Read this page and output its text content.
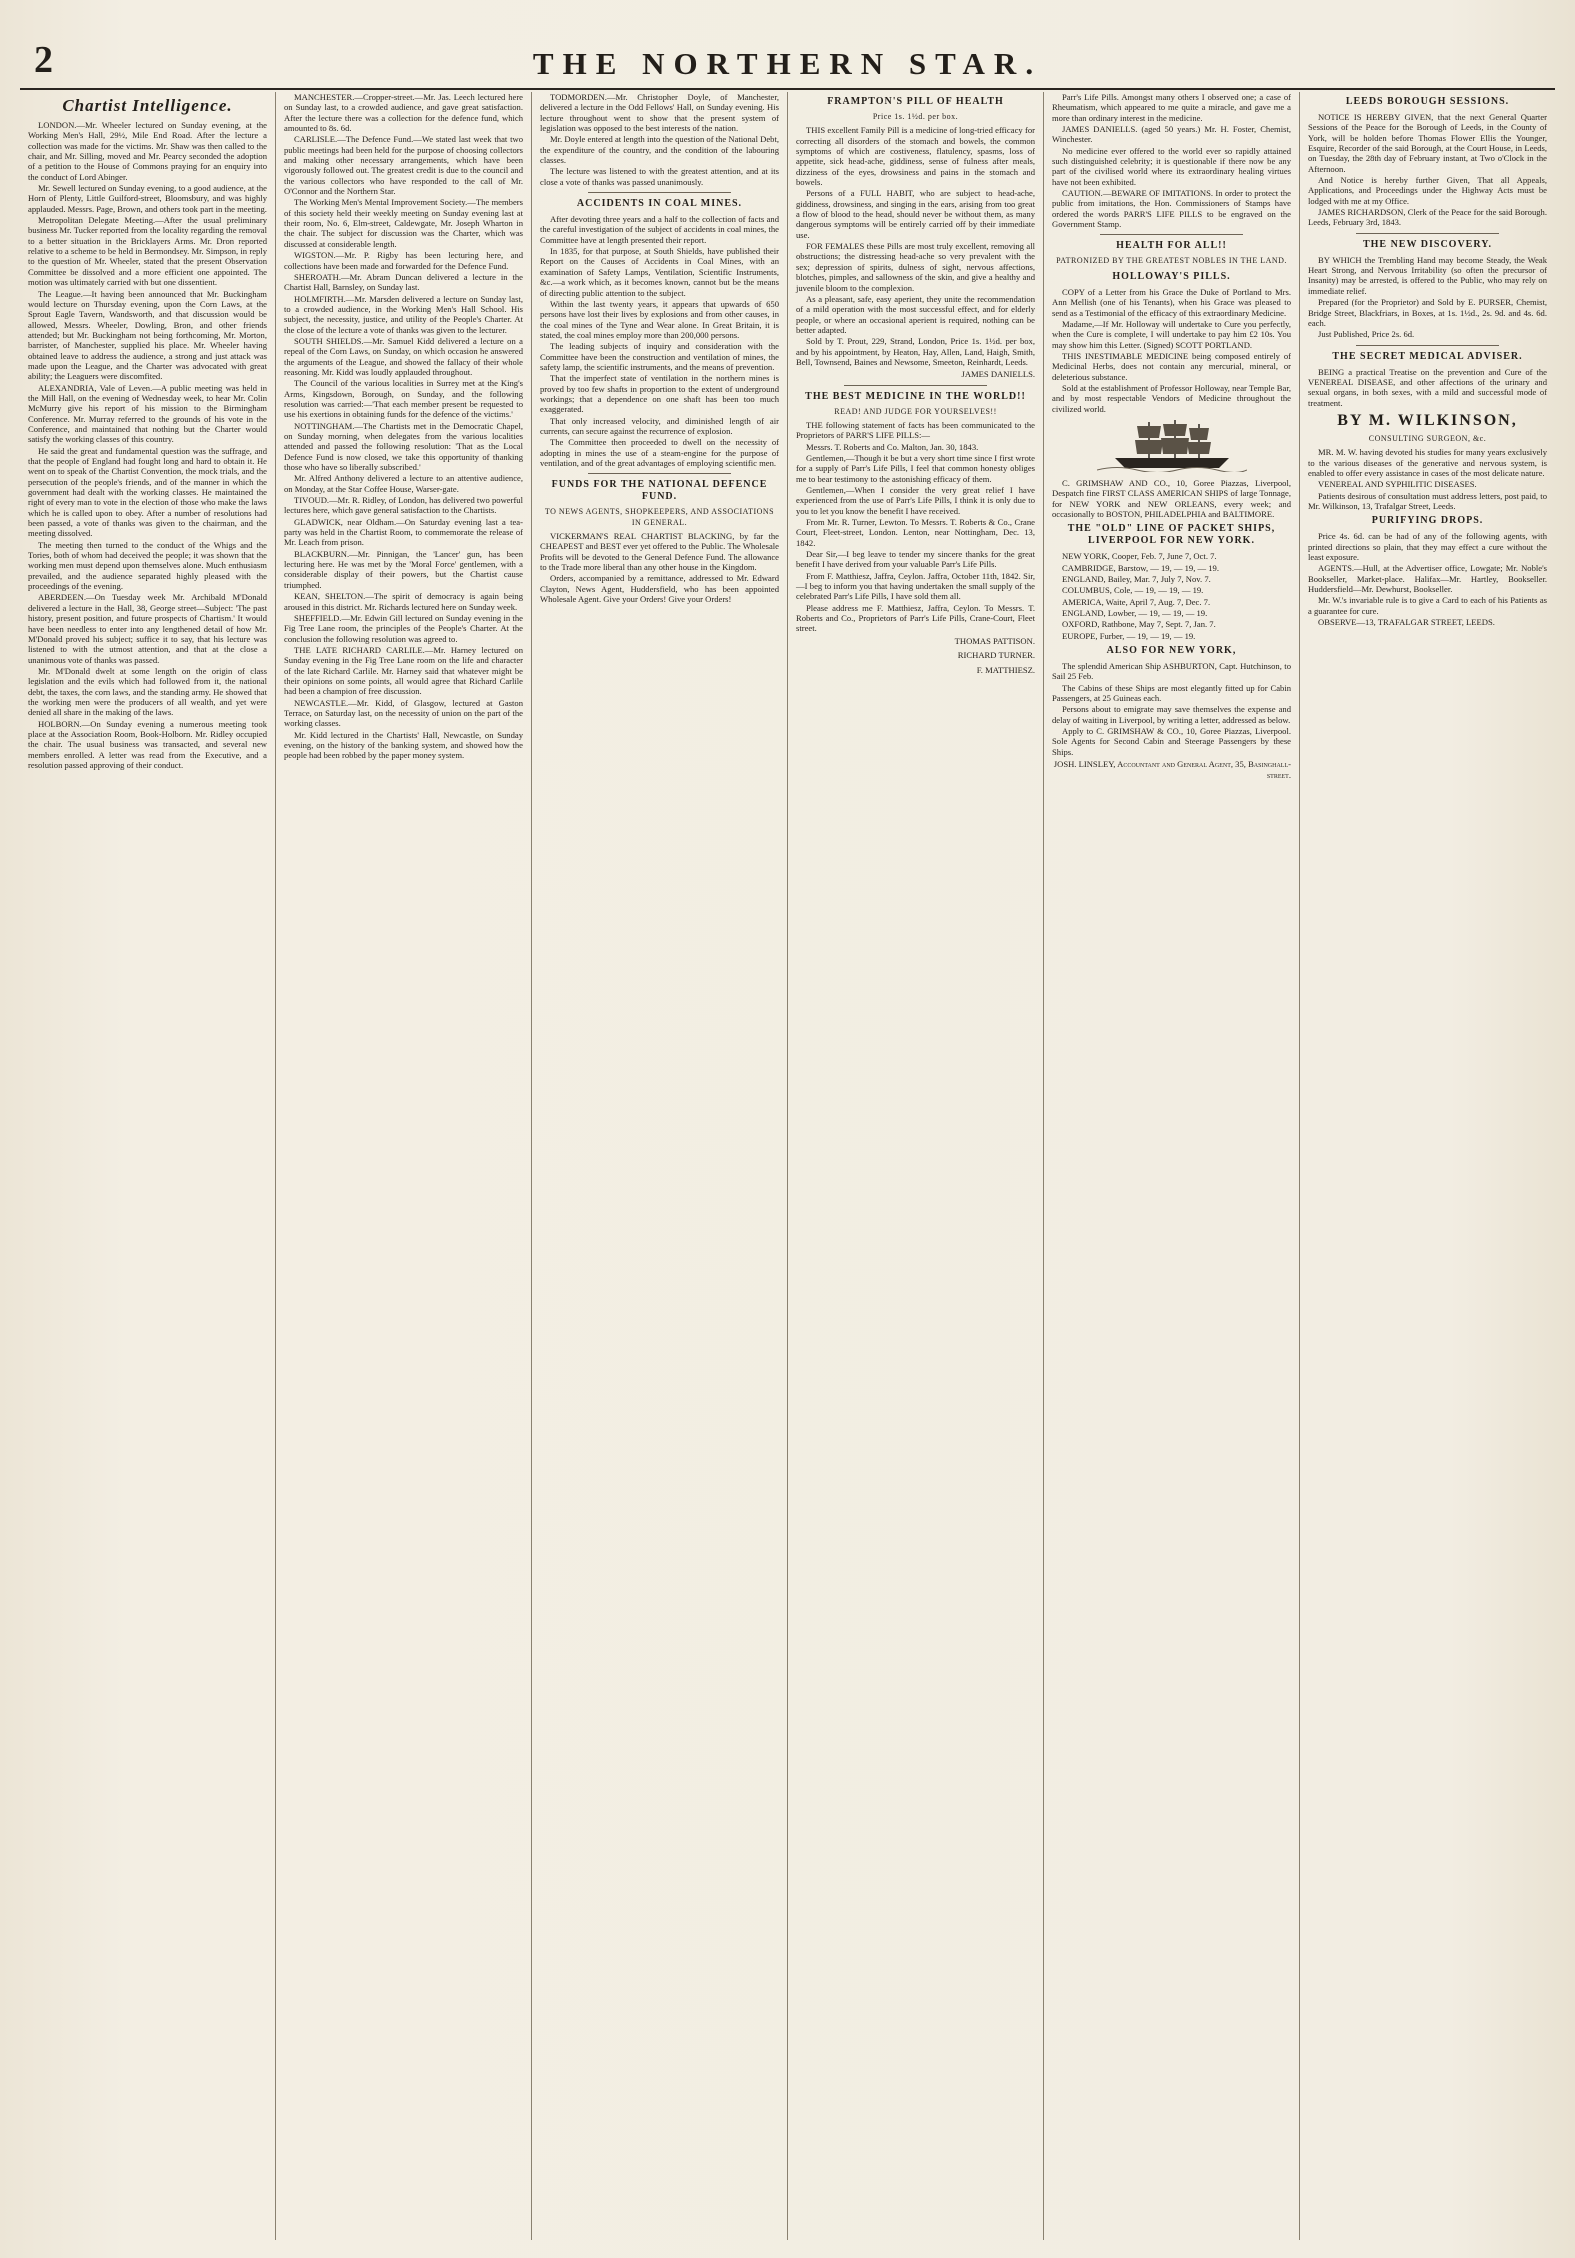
2	THE NORTHERN STAR.
Chartist Intelligence.

LONDON.—Mr. Wheeler lectured on Sunday evening, at the Working Men's Hall, 29½, Mile End Road. After the lecture a collection was made for the victims. Mr. Shaw was then called to the chair, and Mr. Silling, moved and Mr. Pearcy seconded the adoption of a petition to the House of Commons praying for an enquiry into the conduct of Lord Abinger.

Mr. Sewell lectured on Sunday evening, to a good audience, at the Horn of Plenty, Little Guilford-street, Bloomsbury, and was highly applauded. Messrs. Page, Brown, and others took part in the meeting.

Metropolitan Delegate Meeting.—After the usual preliminary business Mr. Tucker reported from the locality regarding the removal to a better situation in the Bricklayers Arms. Mr. Dron reported relative to a scheme to be held in Bermondsey. Mr. Simpson, in reply to the question of Mr. Wheeler, stated that the present Observation Committee be dissolved and a more efficient one appointed. The motion was ultimately carried with but one dissentient.

The League.—It having been announced that Mr. Buckingham would lecture on Thursday evening, upon the Corn Laws, at the Sprout Eagle Tavern, Wandsworth, and that discussion would be allowed, Messrs. Wheeler, Dowling, Bron, and other friends attended; but Mr. Buckingham not being forthcoming, Mr. Morton, barrister, of Manchester, supplied his place. Mr. Wheeler having obtained leave to address the audience, a strong and just attack was made upon the League, and the Charter was advocated with great ability; the Leaguers were discomfited.

ALEXANDRIA, Vale of Leven.—A public meeting was held in the Mill Hall, on the evening of Wednesday week, to hear Mr. Colin McMurry give his report of his mission to the Birmingham Conference. Mr. Murray referred to the grounds of his vote in the Conference, and maintained that nothing but the Charter would satisfy the working classes of this country.

He said the great and fundamental question was the suffrage, and that the people of England had fought long and hard to obtain it. He went on to speak of the Chartist Convention, the mock trials, and the persecution of the people's friends, and of the manner in which the government had dealt with the working classes. He maintained the right of every man to vote in the election of those who make the laws which he is called upon to obey. After a number of resolutions had been passed, a vote of thanks was given to the chairman, and the meeting dissolved.

The meeting then turned to the conduct of the Whigs and the Tories, both of whom had deceived the people; it was shown that the working men must depend upon themselves alone. Much enthusiasm prevailed, and the audience separated highly pleased with the proceedings of the evening.

ABERDEEN.—On Tuesday week Mr. Archibald M'Donald delivered a lecture in the Hall, 38, George street—Subject: 'The past history, present position, and future prospects of Chartism.' It would have been needless to enter into any lengthened detail of how Mr. M'Donald proved his subject; suffice it to say, that his lecture was listened to with the utmost attention, and that at the close a unanimous vote of thanks was passed.

Mr. M'Donald dwelt at some length on the origin of class legislation and the evils which had followed from it, the national debt, the taxes, the corn laws, and the standing army. He showed that the working men were the producers of all wealth, and yet were denied all share in the making of the laws.

HOLBORN.—On Sunday evening a numerous meeting took place at the Association Room, Book-Holborn. Mr. Ridley occupied the chair. The usual business was transacted, and several new members enrolled. A letter was read from the Executive, and a resolution passed approving of their conduct.

MANCHESTER.—Cropper-street.—Mr. Jas. Leech lectured here on Sunday last, to a crowded audience, and gave great satisfaction. After the lecture there was a collection for the defence fund, which amounted to 8s. 6d.

CARLISLE.—The Defence Fund.—We stated last week that two public meetings had been held for the purpose of choosing collectors and making other necessary arrangements, which have been vigorously followed out. The greatest credit is due to the council and the various collectors who have responded to the call of Mr. O'Connor and the Northern Star.

The Working Men's Mental Improvement Society.—The members of this society held their weekly meeting on Sunday evening last at their room, No. 6, Elm-street, Caldewgate, Mr. Joseph Wharton in the chair. The subject for discussion was the Charter, which was discussed at considerable length.

WIGSTON.—Mr. P. Rigby has been lecturing here, and collections have been made and forwarded for the Defence Fund.

SHEROATH.—Mr. Abram Duncan delivered a lecture in the Chartist Hall, Barnsley, on Sunday last.

HOLMFIRTH.—Mr. Marsden delivered a lecture on Sunday last, to a crowded audience, in the Working Men's Hall School. His subject, the necessity, justice, and utility of the People's Charter. At the close of the lecture a vote of thanks was given to the lecturer.

SOUTH SHIELDS.—Mr. Samuel Kidd delivered a lecture on a repeal of the Corn Laws, on Sunday, on which occasion he answered the arguments of the League, and showed the fallacy of their whole reasoning. Mr. Kidd was loudly applauded throughout.

The Council of the various localities in Surrey met at the King's Arms, Kingsdown, Borough, on Sunday, and the following resolution was carried:—'That each member present be requested to use his exertions in obtaining funds for the defence of the victims.'

NOTTINGHAM.—The Chartists met in the Democratic Chapel, on Sunday morning, when delegates from the various localities attended and passed the following resolution: 'That as the Local Defence Fund is now closed, we take this opportunity of thanking those who have so liberally subscribed.'

Mr. Alfred Anthony delivered a lecture to an attentive audience, on Monday, at the Star Coffee House, Warser-gate.

TIVOUD.—Mr. R. Ridley, of London, has delivered two powerful lectures here, which gave general satisfaction to the Chartists.

GLADWICK, near Oldham.—On Saturday evening last a tea-party was held in the Chartist Room, to commemorate the release of Mr. Leach from prison.

BLACKBURN.—Mr. Pinnigan, the 'Lancer' gun, has been lecturing here. He was met by the 'Moral Force' gentlemen, with a considerable display of their powers, but the Chartist cause triumphed.

KEAN, SHELTON.—The spirit of democracy is again being aroused in this district. Mr. Richards lectured here on Sunday week.

SHEFFIELD.—Mr. Edwin Gill lectured on Sunday evening in the Fig Tree Lane room, the principles of the People's Charter. At the conclusion the following resolution was agreed to.

THE LATE RICHARD CARLILE.—Mr. Harney lectured on Sunday evening in the Fig Tree Lane room on the life and character of the late Richard Carlile. Mr. Harney said that whatever might be their opinions on some points, all would agree that Richard Carlile had been a champion of free discussion.

NEWCASTLE.—Mr. Kidd, of Glasgow, lectured at Gaston Terrace, on Saturday last, on the necessity of union on the part of the working classes.

Mr. Kidd lectured in the Chartists' Hall, Newcastle, on Sunday evening, on the history of the banking system, and showed how the people had been robbed by the paper money system.

TODMORDEN.—Mr. Christopher Doyle, of Manchester, delivered a lecture in the Odd Fellows' Hall, on Sunday evening. His lecture throughout went to show that the present system of legislation was opposed to the best interests of the nation.

Mr. Doyle entered at length into the question of the National Debt, the expenditure of the country, and the condition of the labouring classes.

The lecture was listened to with the greatest attention, and at its close a vote of thanks was passed unanimously.

ACCIDENTS IN COAL MINES.

After devoting three years and a half to the collection of facts and the careful investigation of the subject of accidents in coal mines, the Committee have at length presented their report.

In 1835, for that purpose, at South Shields, have published their Report on the Causes of Accidents in Coal Mines, with an examination of Safety Lamps, Ventilation, Scientific Instruments, &c.—a work which, as it becomes known, cannot but be the means of directing public attention to the subject.

Within the last twenty years, it appears that upwards of 650 persons have lost their lives by explosions and from other causes, in the coal mines of the Tyne and Wear alone. In Great Britain, it is stated, the coal mines employ more than 200,000 persons.

The leading subjects of inquiry and consideration with the Committee have been the construction and ventilation of mines, the safety lamp, the scientific instruments, and the means of prevention.

That the imperfect state of ventilation in the northern mines is proved by too few shafts in proportion to the extent of underground workings; that a dependence on one shaft has been too much exaggerated.

That only increased velocity, and diminished length of air currents, can secure against the recurrence of explosion.

The Committee then proceeded to dwell on the necessity of adopting in mines the use of a steam-engine for the purpose of ventilation, and of the great advantages of employing scientific men.

FUNDS FOR THE NATIONAL DEFENCE FUND.
TO NEWS AGENTS, SHOPKEEPERS, AND ASSOCIATIONS IN GENERAL.

VICKERMAN'S REAL CHARTIST BLACKING, by far the CHEAPEST and BEST ever yet offered to the Public. The Wholesale Profits will be devoted to the General Defence Fund. The allowance to the Trade more liberal than any other house in the Kingdom.

Orders, accompanied by a remittance, addressed to Mr. Edward Clayton, News Agent, Huddersfield, who has been appointed Wholesale Agent. Give your Orders! Give your Orders!

FRAMPTON'S PILL OF HEALTH
Price 1s. 1½d. per box.

THIS excellent Family Pill is a medicine of long-tried efficacy for correcting all disorders of the stomach and bowels, the common symptoms of which are costiveness, flatulency, spasms, loss of appetite, sick head-ache, giddiness, sense of fulness after meals, dizziness of the eyes, drowsiness and pains in the stomach and bowels.

Persons of a FULL HABIT, who are subject to head-ache, giddiness, drowsiness, and singing in the ears, arising from too great a flow of blood to the head, should never be without them, as many dangerous symptoms will be entirely carried off by their immediate use.

FOR FEMALES these Pills are most truly excellent, removing all obstructions; the distressing head-ache so very prevalent with the sex; depression of spirits, dulness of sight, nervous affections, blotches, pimples, and sallowness of the skin, and give a healthy and juvenile bloom to the complexion.

As a pleasant, safe, easy aperient, they unite the recommendation of a mild operation with the most successful effect, and for elderly people, or where an occasional aperient is required, nothing can be better adapted.

Sold by T. Prout, 229, Strand, London, Price 1s. 1½d. per box, and by his appointment, by Heaton, Hay, Allen, Land, Haigh, Smith, Bell, Townsend, Baines and Newsome, Smeeton, Reinhardt, Leeds.

JAMES DANIELLS.
THE BEST MEDICINE IN THE WORLD!!
READ! AND JUDGE FOR YOURSELVES!!

THE following statement of facts has been communicated to the Proprietors of PARR'S LIFE PILLS:—

Messrs. T. Roberts and Co. Malton, Jan. 30, 1843.

Gentlemen,—Though it be but a very short time since I first wrote for a supply of Parr's Life Pills, I feel that common honesty obliges me to bear testimony to the astonishing efficacy of them.

Gentlemen,—When I consider the very great relief I have experienced from the use of Parr's Life Pills, I think it is only due to you to let you know the benefit I have received.

From Mr. R. Turner, Lewton. To Messrs. T. Roberts & Co., Crane Court, Fleet-street, London. Lenton, near Nottingham, Dec. 13, 1842.

Dear Sir,—I beg leave to tender my sincere thanks for the great benefit I have derived from your valuable Parr's Life Pills.

From F. Matthiesz, Jaffra, Ceylon. Jaffra, October 11th, 1842. Sir,—I beg to inform you that having undertaken the small supply of the celebrated Parr's Life Pills, I have sold them all.

Please address me F. Matthiesz, Jaffra, Ceylon. To Messrs. T. Roberts and Co., Proprietors of Parr's Life Pills, Crane-Court, Fleet street.

THOMAS PATTISON.
RICHARD TURNER.
F. MATTHIESZ.

Parr's Life Pills. Amongst many others I observed one; a case of Rheumatism, which appeared to me quite a miracle, and gave me a more than ordinary interest in the medicine.

JAMES DANIELLS. (aged 50 years.) Mr. H. Foster, Chemist, Winchester.

No medicine ever offered to the world ever so rapidly attained such distinguished celebrity; it is questionable if there now be any part of the civilised world where its extraordinary healing virtues have not been exhibited.

CAUTION.—BEWARE OF IMITATIONS. In order to protect the public from imitations, the Hon. Commissioners of Stamps have ordered the words PARR'S LIFE PILLS to be engraved on the Government Stamp.

HEALTH FOR ALL!!
PATRONIZED BY THE GREATEST NOBLES IN THE LAND.
HOLLOWAY'S PILLS.

COPY of a Letter from his Grace the Duke of Portland to Mrs. Ann Mellish (one of his Tenants), when his Grace was pleased to send as a Testimonial of the efficacy of this extraordinary Medicine.

Madame,—If Mr. Holloway will undertake to Cure you perfectly, when the Cure is complete, I will undertake to pay him £2 10s. You may show him this Letter. (Signed) SCOTT PORTLAND.

THIS INESTIMABLE MEDICINE being composed entirely of Medicinal Herbs, does not contain any mercurial, mineral, or deleterious substance.

Sold at the establishment of Professor Holloway, near Temple Bar, and by most respectable Vendors of Medicine throughout the civilized world.

C. GRIMSHAW AND CO., 10, Goree Piazzas, Liverpool, Despatch fine FIRST CLASS AMERICAN SHIPS of large Tonnage, for NEW YORK and NEW ORLEANS, every week; and occasionally to BOSTON, PHILADELPHIA and BALTIMORE.
THE "OLD" LINE OF PACKET SHIPS, LIVERPOOL FOR NEW YORK.

NEW YORK, Cooper, Feb. 7, June 7, Oct. 7.

CAMBRIDGE, Barstow, — 19, — 19, — 19.

ENGLAND, Bailey, Mar. 7, July 7, Nov. 7.

COLUMBUS, Cole, — 19, — 19, — 19.

AMERICA, Waite, April 7, Aug. 7, Dec. 7.

ENGLAND, Lowber, — 19, — 19, — 19.

OXFORD, Rathbone, May 7, Sept. 7, Jan. 7.

EUROPE, Furber, — 19, — 19, — 19.

ALSO FOR NEW YORK,

The splendid American Ship ASHBURTON, Capt. Hutchinson, to Sail 25 Feb.

The Cabins of these Ships are most elegantly fitted up for Cabin Passengers, at 25 Guineas each.

Persons about to emigrate may save themselves the expense and delay of waiting in Liverpool, by writing a letter, addressed as below.

Apply to C. GRIMSHAW & CO., 10, Goree Piazzas, Liverpool. Sole Agents for Second Cabin and Steerage Passengers by these Ships.

JOSH. LINSLEY, Accountant and General Agent, 35, Basinghall-street.
LEEDS BOROUGH SESSIONS.

NOTICE IS HEREBY GIVEN, that the next General Quarter Sessions of the Peace for the Borough of Leeds, in the County of York, will be holden before Thomas Flower Ellis the Younger, Esquire, Recorder of the said Borough, at the Court House, in Leeds, on Tuesday, the 28th day of February instant, at Two o'Clock in the Afternoon.

And Notice is hereby further Given, That all Appeals, Applications, and Proceedings under the Highway Acts must be lodged with me at my Office.

JAMES RICHARDSON, Clerk of the Peace for the said Borough. Leeds, February 3rd, 1843.

THE NEW DISCOVERY.

BY WHICH the Trembling Hand may become Steady, the Weak Heart Strong, and Nervous Irritability (so often the precursor of Insanity) may be arrested, is offered to the Public, who may rely on immediate relief.

Prepared (for the Proprietor) and Sold by E. PURSER, Chemist, Bridge Street, Blackfriars, in Boxes, at 1s. 1½d., 2s. 9d. and 4s. 6d. each.

Just Published, Price 2s. 6d.

THE SECRET MEDICAL ADVISER.

BEING a practical Treatise on the prevention and Cure of the VENEREAL DISEASE, and other affections of the urinary and sexual organs, in both sexes, with a mild and successful mode of treatment.

BY M. WILKINSON,
CONSULTING SURGEON, &c.

MR. M. W. having devoted his studies for many years exclusively to the various diseases of the generative and nervous system, is enabled to offer every assistance in cases of the most delicate nature.

VENEREAL AND SYPHILITIC DISEASES.

Patients desirous of consultation must address letters, post paid, to Mr. Wilkinson, 13, Trafalgar Street, Leeds.

PURIFYING DROPS.

Price 4s. 6d. can be had of any of the following agents, with printed directions so plain, that they may effect a cure without the least exposure.

AGENTS.—Hull, at the Advertiser office, Lowgate; Mr. Noble's Bookseller, Market-place. Halifax—Mr. Hartley, Bookseller. Huddersfield—Mr. Dewhurst, Bookseller.

Mr. W.'s invariable rule is to give a Card to each of his Patients as a guarantee for cure.

OBSERVE—13, TRAFALGAR STREET, LEEDS.
